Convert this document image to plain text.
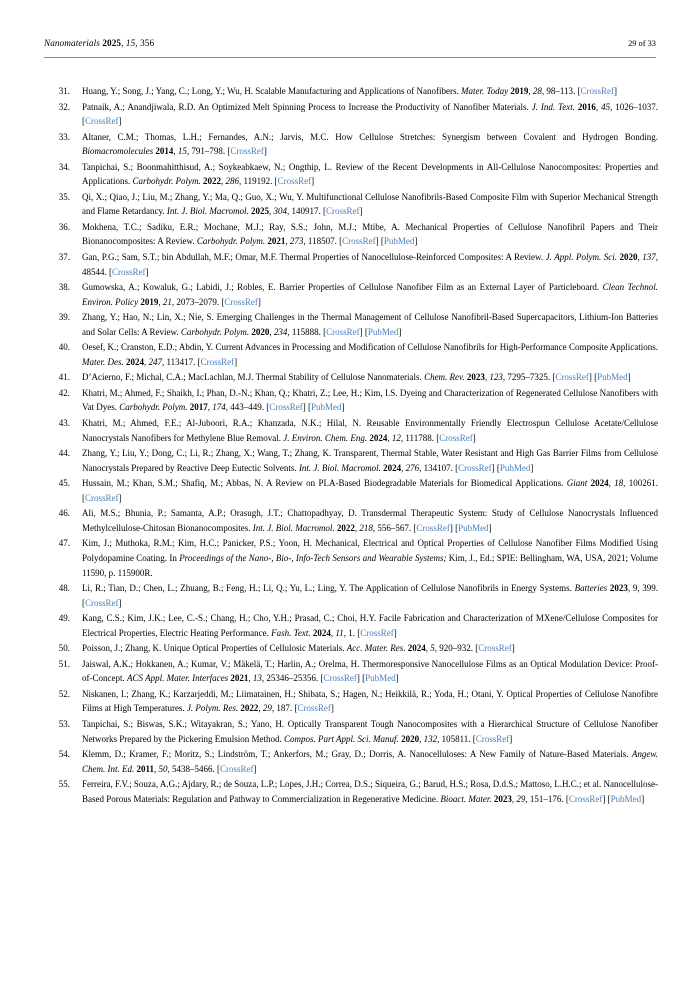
Nanomaterials 2025, 15, 356	29 of 33
31.	Huang, Y.; Song, J.; Yang, C.; Long, Y.; Wu, H. Scalable Manufacturing and Applications of Nanofibers. Mater. Today 2019, 28, 98–113. [CrossRef]
32.	Patnaik, A.; Anandjiwala, R.D. An Optimized Melt Spinning Process to Increase the Productivity of Nanofiber Materials. J. Ind. Text. 2016, 45, 1026–1037. [CrossRef]
33.	Altaner, C.M.; Thomas, L.H.; Fernandes, A.N.; Jarvis, M.C. How Cellulose Stretches: Synergism between Covalent and Hydrogen Bonding. Biomacromolecules 2014, 15, 791–798. [CrossRef]
34.	Tanpichai, S.; Boonmahitthisud, A.; Soykeabkaew, N.; Ongthip, L. Review of the Recent Developments in All-Cellulose Nanocomposites: Properties and Applications. Carbohydr. Polym. 2022, 286, 119192. [CrossRef]
35.	Qi, X.; Qiao, J.; Liu, M.; Zhang, Y.; Ma, Q.; Guo, X.; Wu, Y. Multifunctional Cellulose Nanofibrils-Based Composite Film with Superior Mechanical Strength and Flame Retardancy. Int. J. Biol. Macromol. 2025, 304, 140917. [CrossRef]
36.	Mokhena, T.C.; Sadiku, E.R.; Mochane, M.J.; Ray, S.S.; John, M.J.; Mtibe, A. Mechanical Properties of Cellulose Nanofibril Papers and Their Bionanocomposites: A Review. Carbohydr. Polym. 2021, 273, 118507. [CrossRef] [PubMed]
37.	Gan, P.G.; Sam, S.T.; bin Abdullah, M.F.; Omar, M.F. Thermal Properties of Nanocellulose-Reinforced Composites: A Review. J. Appl. Polym. Sci. 2020, 137, 48544. [CrossRef]
38.	Gumowska, A.; Kowaluk, G.; Labidi, J.; Robles, E. Barrier Properties of Cellulose Nanofiber Film as an External Layer of Particleboard. Clean Technol. Environ. Policy 2019, 21, 2073–2079. [CrossRef]
39.	Zhang, Y.; Hao, N.; Lin, X.; Nie, S. Emerging Challenges in the Thermal Management of Cellulose Nanofibril-Based Supercapacitors, Lithium-Ion Batteries and Solar Cells: A Review. Carbohydr. Polym. 2020, 234, 115888. [CrossRef] [PubMed]
40.	Oesef, K.; Cranston, E.D.; Abdin, Y. Current Advances in Processing and Modification of Cellulose Nanofibrils for High-Performance Composite Applications. Mater. Des. 2024, 247, 113417. [CrossRef]
41.	D’Acierno, F.; Michal, C.A.; MacLachlan, M.J. Thermal Stability of Cellulose Nanomaterials. Chem. Rev. 2023, 123, 7295–7325. [CrossRef] [PubMed]
42.	Khatri, M.; Ahmed, F.; Shaikh, I.; Phan, D.-N.; Khan, Q.; Khatri, Z.; Lee, H.; Kim, I.S. Dyeing and Characterization of Regenerated Cellulose Nanofibers with Vat Dyes. Carbohydr. Polym. 2017, 174, 443–449. [CrossRef] [PubMed]
43.	Khatri, M.; Ahmed, F.E.; Al-Juboori, R.A.; Khanzada, N.K.; Hilal, N. Reusable Environmentally Friendly Electrospun Cellulose Acetate/Cellulose Nanocrystals Nanofibers for Methylene Blue Removal. J. Environ. Chem. Eng. 2024, 12, 111788. [CrossRef]
44.	Zhang, Y.; Liu, Y.; Dong, C.; Li, R.; Zhang, X.; Wang, T.; Zhang, K. Transparent, Thermal Stable, Water Resistant and High Gas Barrier Films from Cellulose Nanocrystals Prepared by Reactive Deep Eutectic Solvents. Int. J. Biol. Macromol. 2024, 276, 134107. [CrossRef] [PubMed]
45.	Hussain, M.; Khan, S.M.; Shafiq, M.; Abbas, N. A Review on PLA-Based Biodegradable Materials for Biomedical Applications. Giant 2024, 18, 100261. [CrossRef]
46.	Ali, M.S.; Bhunia, P.; Samanta, A.P.; Orasugh, J.T.; Chattopadhyay, D. Transdermal Therapeutic System: Study of Cellulose Nanocrystals Influenced Methylcellulose-Chitosan Bionanocomposites. Int. J. Biol. Macromol. 2022, 218, 556–567. [CrossRef] [PubMed]
47.	Kim, J.; Muthoka, R.M.; Kim, H.C.; Panicker, P.S.; Yoon, H. Mechanical, Electrical and Optical Properties of Cellulose Nanofiber Films Modified Using Polydopamine Coating. In Proceedings of the Nano-, Bio-, Info-Tech Sensors and Wearable Systems; Kim, J., Ed.; SPIE: Bellingham, WA, USA, 2021; Volume 11590, p. 115900R.
48.	Li, R.; Tian, D.; Chen, L.; Zhuang, B.; Feng, H.; Li, Q.; Yu, L.; Ling, Y. The Application of Cellulose Nanofibrils in Energy Systems. Batteries 2023, 9, 399. [CrossRef]
49.	Kang, C.S.; Kim, J.K.; Lee, C.-S.; Chang, H.; Cho, Y.H.; Prasad, C.; Choi, H.Y. Facile Fabrication and Characterization of MXene/Cellulose Composites for Electrical Properties, Electric Heating Performance. Fash. Text. 2024, 11, 1. [CrossRef]
50.	Poisson, J.; Zhang, K. Unique Optical Properties of Cellulosic Materials. Acc. Mater. Res. 2024, 5, 920–932. [CrossRef]
51.	Jaiswal, A.K.; Hokkanen, A.; Kumar, V.; Mäkelä, T.; Harlin, A.; Orelma, H. Thermoresponsive Nanocellulose Films as an Optical Modulation Device: Proof-of-Concept. ACS Appl. Mater. Interfaces 2021, 13, 25346–25356. [CrossRef] [PubMed]
52.	Niskanen, I.; Zhang, K.; Karzarjeddi, M.; Liimatainen, H.; Shibata, S.; Hagen, N.; Heikkilä, R.; Yoda, H.; Otani, Y. Optical Properties of Cellulose Nanofibre Films at High Temperatures. J. Polym. Res. 2022, 29, 187. [CrossRef]
53.	Tanpichai, S.; Biswas, S.K.; Witayakran, S.; Yano, H. Optically Transparent Tough Nanocomposites with a Hierarchical Structure of Cellulose Nanofiber Networks Prepared by the Pickering Emulsion Method. Compos. Part Appl. Sci. Manuf. 2020, 132, 105811. [CrossRef]
54.	Klemm, D.; Kramer, F.; Moritz, S.; Lindström, T.; Ankerfors, M.; Gray, D.; Dorris, A. Nanocelluloses: A New Family of Nature-Based Materials. Angew. Chem. Int. Ed. 2011, 50, 5438–5466. [CrossRef]
55.	Ferreira, F.V.; Souza, A.G.; Ajdary, R.; de Souza, L.P.; Lopes, J.H.; Correa, D.S.; Siqueira, G.; Barud, H.S.; Rosa, D.d.S.; Mattoso, L.H.C.; et al. Nanocellulose-Based Porous Materials: Regulation and Pathway to Commercialization in Regenerative Medicine. Bioact. Mater. 2023, 29, 151–176. [CrossRef] [PubMed]
